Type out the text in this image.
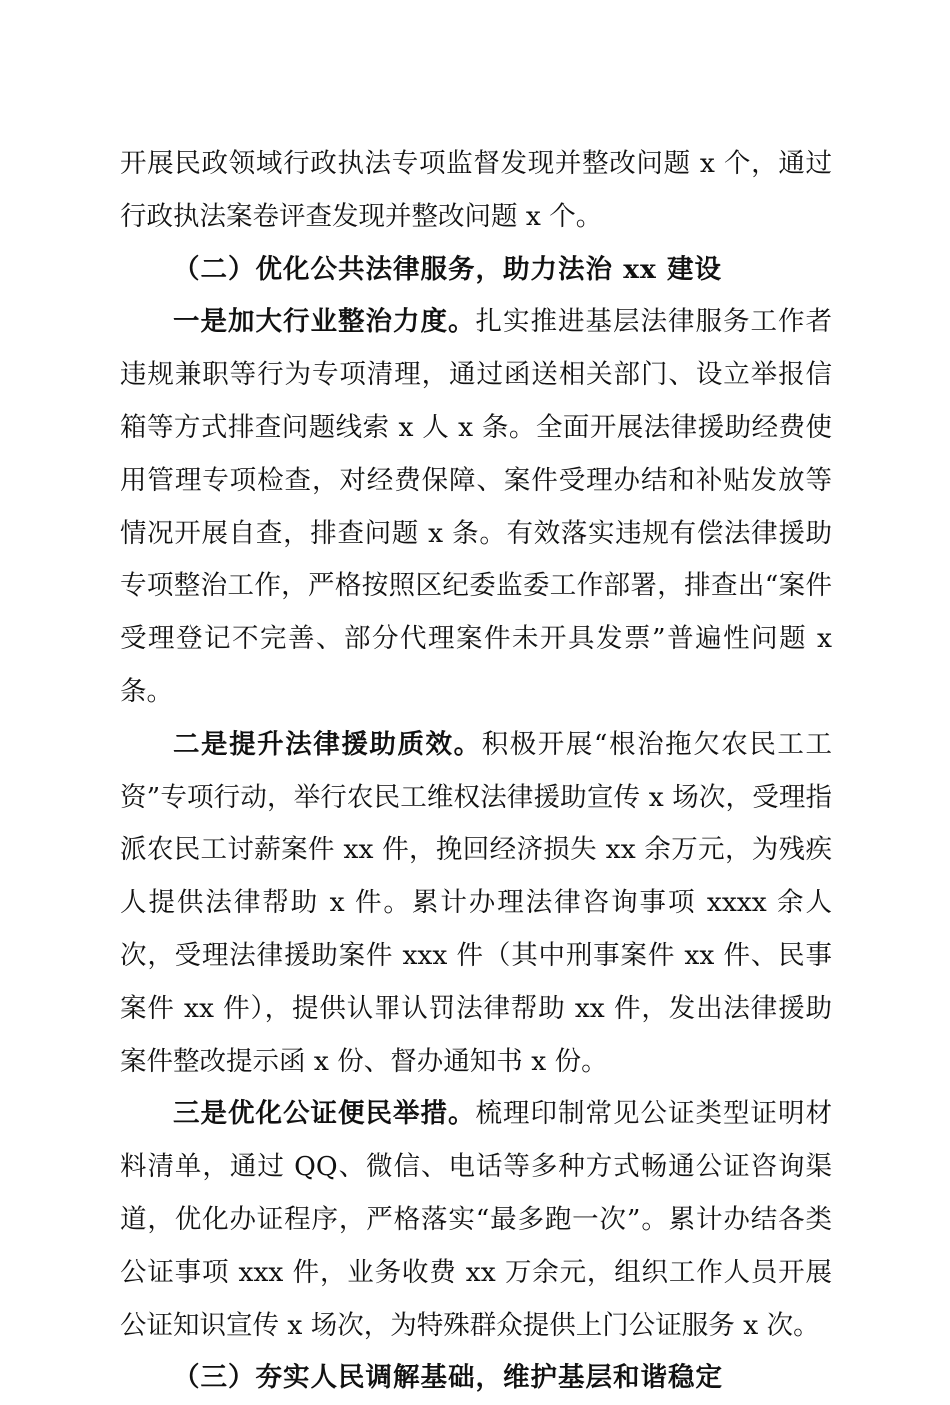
开展民政领域行政执法专项监督发现并整改问题 x 个，通过行政执法案卷评查发现并整改问题 x 个。

（二）优化公共法律服务，助力法治 xx 建设

一是加大行业整治力度。扎实推进基层法律服务工作者违规兼职等行为专项清理，通过函送相关部门、设立举报信箱等方式排查问题线索 x 人 x 条。全面开展法律援助经费使用管理专项检查，对经费保障、案件受理办结和补贴发放等情况开展自查，排查问题 x 条。有效落实违规有偿法律援助专项整治工作，严格按照区纪委监委工作部署，排查出“案件受理登记不完善、部分代理案件未开具发票”普遍性问题 x 条。

二是提升法律援助质效。积极开展“根治拖欠农民工工资”专项行动，举行农民工维权法律援助宣传 x 场次，受理指派农民工讨薪案件 xx 件，挽回经济损失 xx 余万元，为残疾人提供法律帮助 x 件。累计办理法律咨询事项 xxxx 余人次，受理法律援助案件 xxx 件（其中刑事案件 xx 件、民事案件 xx 件），提供认罪认罚法律帮助 xx 件，发出法律援助案件整改提示函 x 份、督办通知书 x 份。

三是优化公证便民举措。梳理印制常见公证类型证明材料清单，通过 QQ、微信、电话等多种方式畅通公证咨询渠道，优化办证程序，严格落实“最多跑一次”。累计办结各类公证事项 xxx 件，业务收费 xx 万余元，组织工作人员开展公证知识宣传 x 场次，为特殊群众提供上门公证服务 x 次。

（三）夯实人民调解基础，维护基层和谐稳定
